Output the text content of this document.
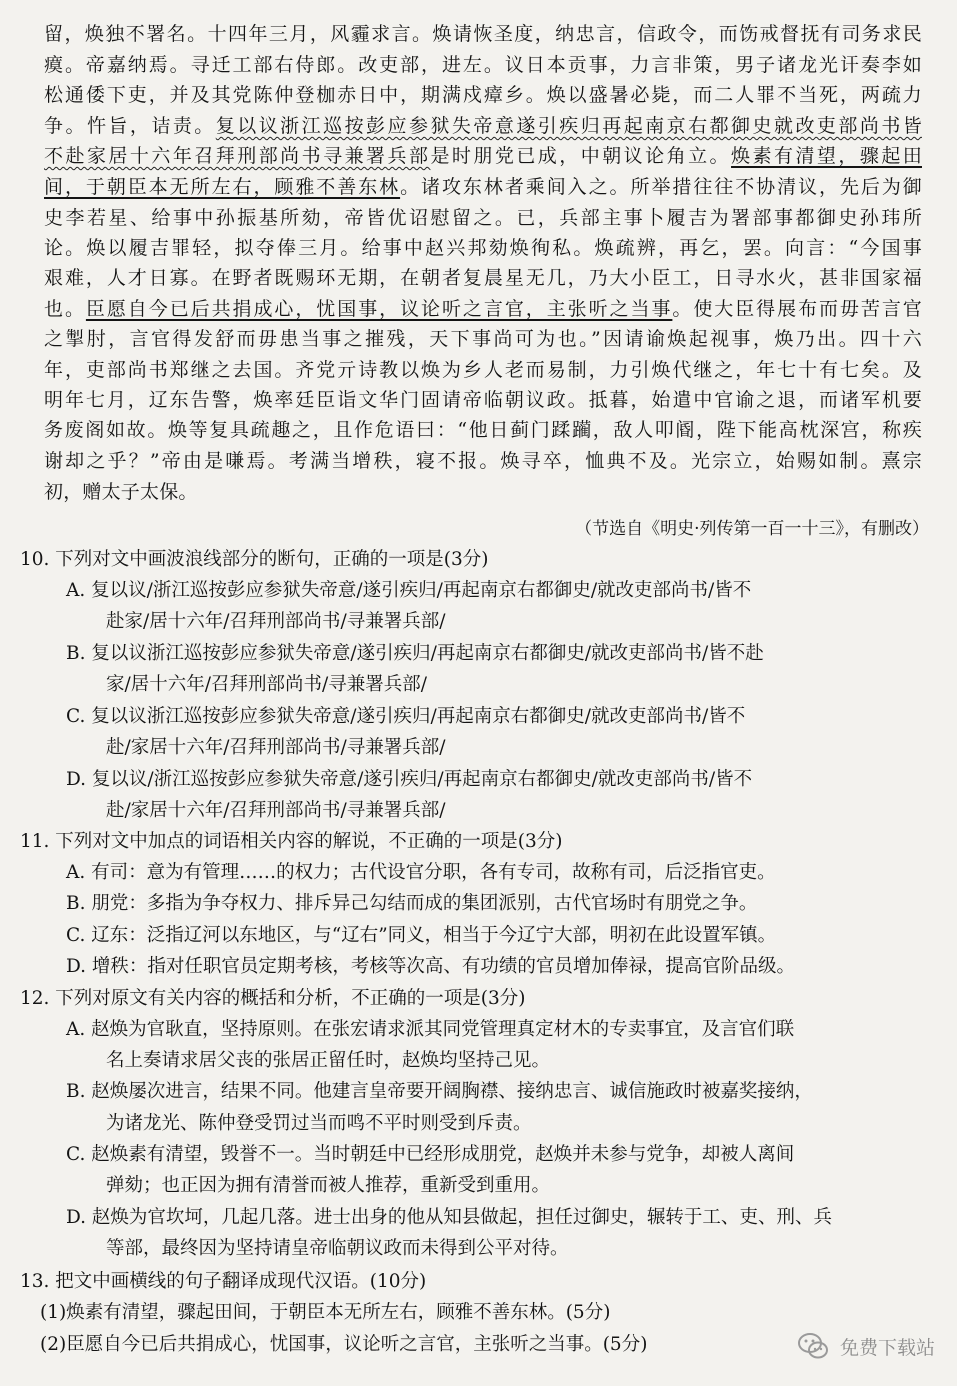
留，焕独不署名。十四年三月，风霾求言。焕请恢圣度，纳忠言，信政令，而饬戒督抚有司务求民
瘼。帝嘉纳焉。寻迁工部右侍郎。改吏部，进左。议日本贡事，力言非策，男子诸龙光讦奏李如
松通倭下吏，并及其党陈仲登枷赤日中，期满戍瘴乡。焕以盛暑必毙，而二人罪不当死，两疏力
争。忤旨，诘责。复以议浙江巡按彭应参狱失帝意遂引疾归再起南京右都御史就改吏部尚书皆
不赴家居十六年召拜刑部尚书寻兼署兵部是时朋党已成，中朝议论角立。焕素有清望，骤起田
间，于朝臣本无所左右，顾雅不善东林。诸攻东林者乘间入之。所举措往往不协清议，先后为御
史李若星、给事中孙振基所劾，帝皆优诏慰留之。已，兵部主事卜履吉为署部事都御史孙玮所
论。焕以履吉罪轻，拟夺俸三月。给事中赵兴邦劾焕徇私。焕疏辨，再乞，罢。向言：“今国事
艰难，人才日寡。在野者既赐环无期，在朝者复晨星无几，乃大小臣工，日寻水火，甚非国家福
也。臣愿自今已后共捐成心，忧国事，议论听之言官，主张听之当事。使大臣得展布而毋苦言官
之掣肘，言官得发舒而毋患当事之摧残，天下事尚可为也。”因请谕焕起视事，焕乃出。四十六
年，吏部尚书郑继之去国。齐党亓诗教以焕为乡人老而易制，力引焕代继之，年七十有七矣。及
明年七月，辽东告警，焕率廷臣诣文华门固请帝临朝议政。抵暮，始遣中官谕之退，而诸军机要
务废阁如故。焕等复具疏趣之，且作危语曰：“他日蓟门蹂躏，敌人叩阍，陛下能高枕深宫，称疾
谢却之乎？”帝由是嗛焉。考满当增秩，寝不报。焕寻卒，恤典不及。光宗立，始赐如制。熹宗
初，赠太子太保。
（节选自《明史·列传第一百一十三》，有删改）
10. 下列对文中画波浪线部分的断句，正确的一项是(3分)
A. 复以议/浙江巡按彭应参狱失帝意/遂引疾归/再起南京右都御史/就改吏部尚书/皆不
赴家/居十六年/召拜刑部尚书/寻兼署兵部/
B. 复以议浙江巡按彭应参狱失帝意/遂引疾归/再起南京右都御史/就改吏部尚书/皆不赴
家/居十六年/召拜刑部尚书/寻兼署兵部/
C. 复以议浙江巡按彭应参狱失帝意/遂引疾归/再起南京右都御史/就改吏部尚书/皆不
赴/家居十六年/召拜刑部尚书/寻兼署兵部/
D. 复以议/浙江巡按彭应参狱失帝意/遂引疾归/再起南京右都御史/就改吏部尚书/皆不
赴/家居十六年/召拜刑部尚书/寻兼署兵部/
11. 下列对文中加点的词语相关内容的解说，不正确的一项是(3分)
A. 有司：意为有管理……的权力；古代设官分职，各有专司，故称有司，后泛指官吏。
B. 朋党：多指为争夺权力、排斥异己勾结而成的集团派别，古代官场时有朋党之争。
C. 辽东：泛指辽河以东地区，与“辽右”同义，相当于今辽宁大部，明初在此设置军镇。
D. 增秩：指对任职官员定期考核，考核等次高、有功绩的官员增加俸禄，提高官阶品级。
12. 下列对原文有关内容的概括和分析，不正确的一项是(3分)
A. 赵焕为官耿直，坚持原则。在张宏请求派其同党管理真定材木的专卖事宜，及言官们联
名上奏请求居父丧的张居正留任时，赵焕均坚持己见。
B. 赵焕屡次进言，结果不同。他建言皇帝要开阔胸襟、接纳忠言、诚信施政时被嘉奖接纳，
为诸龙光、陈仲登受罚过当而鸣不平时则受到斥责。
C. 赵焕素有清望，毁誉不一。当时朝廷中已经形成朋党，赵焕并未参与党争，却被人离间
弹劾；也正因为拥有清誉而被人推荐，重新受到重用。
D. 赵焕为官坎坷，几起几落。进士出身的他从知县做起，担任过御史，辗转于工、吏、刑、兵
等部，最终因为坚持请皇帝临朝议政而未得到公平对待。
13. 把文中画横线的句子翻译成现代汉语。(10分)
(1)焕素有清望，骤起田间，于朝臣本无所左右，顾雅不善东林。(5分)
(2)臣愿自今已后共捐成心，忧国事，议论听之言官，主张听之当事。(5分)	免费下载站
